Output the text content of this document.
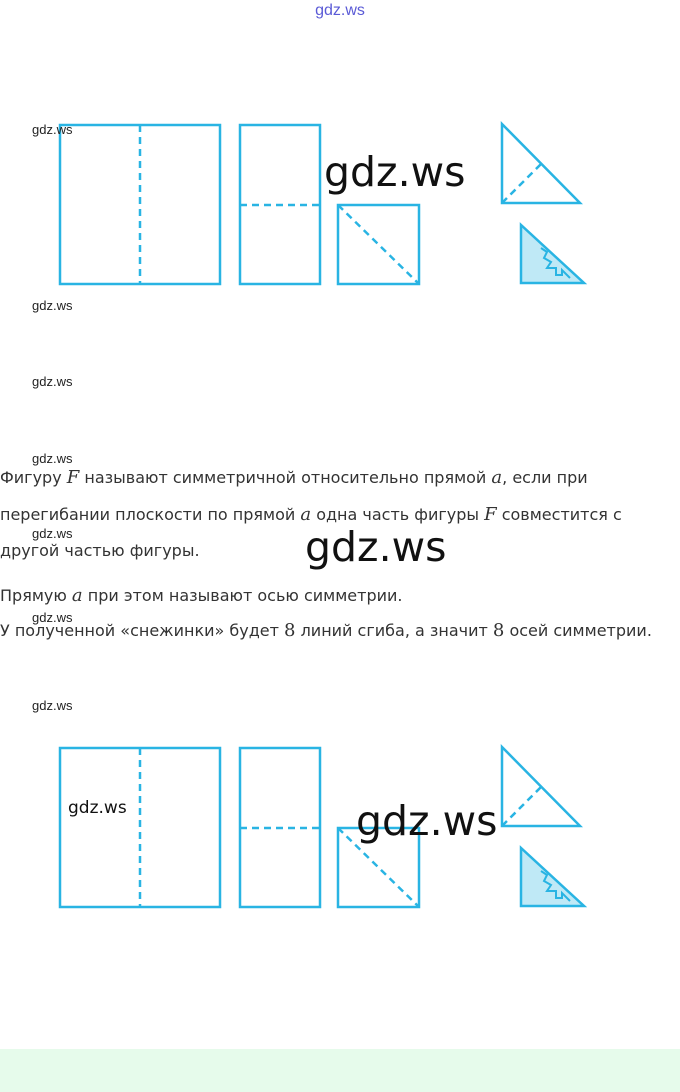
gdz.ws
gdz.ws
gdz.ws
gdz.ws
gdz.ws
gdz.ws
Фигуру F называют симметричной относительно прямой a, если при
перегибании плоскости по прямой a одна часть фигуры F совместится с
gdz.ws
другой частью фигуры.	gdz.ws
Прямую a при этом называют осью симметрии.
gdz.ws
У полученной «снежинки» будет 8 линий сгиба, а значит 8 осей симметрии.
gdz.ws
gdz.ws	gdz.ws
